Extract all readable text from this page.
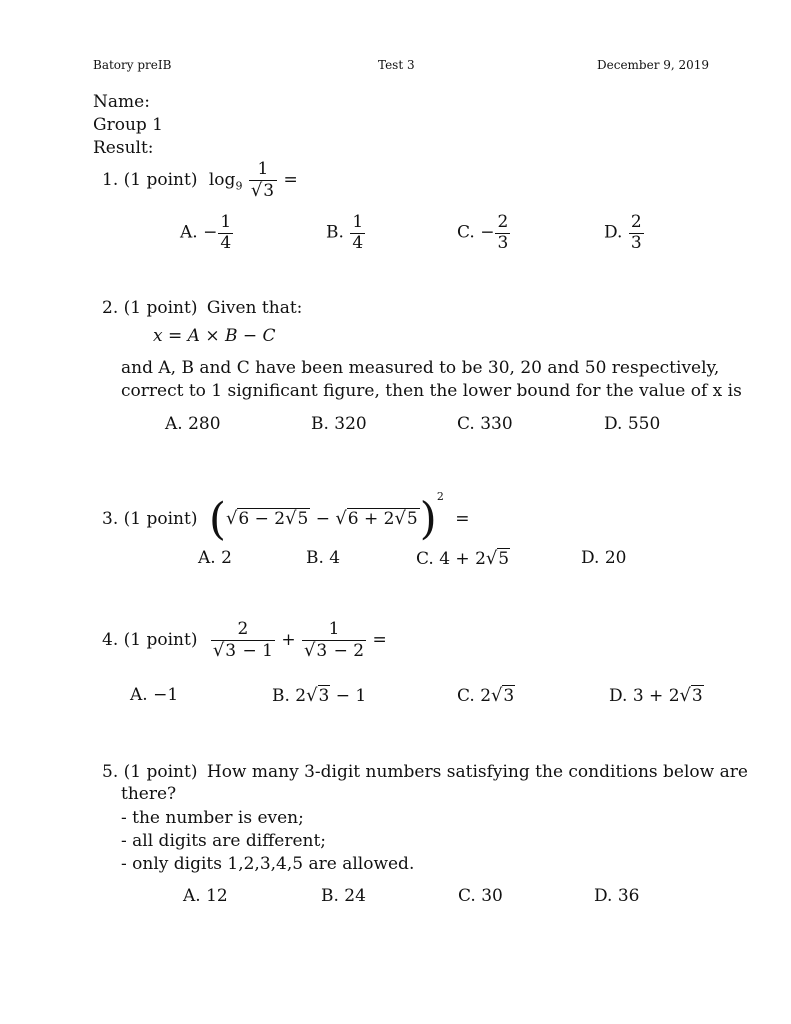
Batory preIB	Test 3	December 9, 2019
Name:
Group 1
Result:
1. (1 point) $\log_9 \frac{1}{√3}$ =
A. − $\frac{1}{4}$	B. $\frac{1}{4}$	C. − $\frac{2}{3}$	D. $\frac{2}{3}$
2. (1 point) Given that:
x = A × B − C
and A, B and C have been measured to be 30, 20 and 50 respectively,
correct to 1 significant figure, then the lower bound for the value of x is
A. 280	B. 320	C. 330	D. 550
3. (1 point) $(√6 - 2√5 - √6 + 2√5)^2$ =
A. 2	B. 4	C. 4 + 2√5	D. 20
4. (1 point) $\frac{2}{√3 - 1} + \frac{1}{√3 - 2}$ =
A. −1	B. 2√3 − 1	C. 2√3	D. 3 + 2√3
5. (1 point) How many 3-digit numbers satisfying the conditions below are
there?
- the number is even;
- all digits are different;
- only digits 1,2,3,4,5 are allowed.
A. 12	B. 24	C. 30	D. 36
